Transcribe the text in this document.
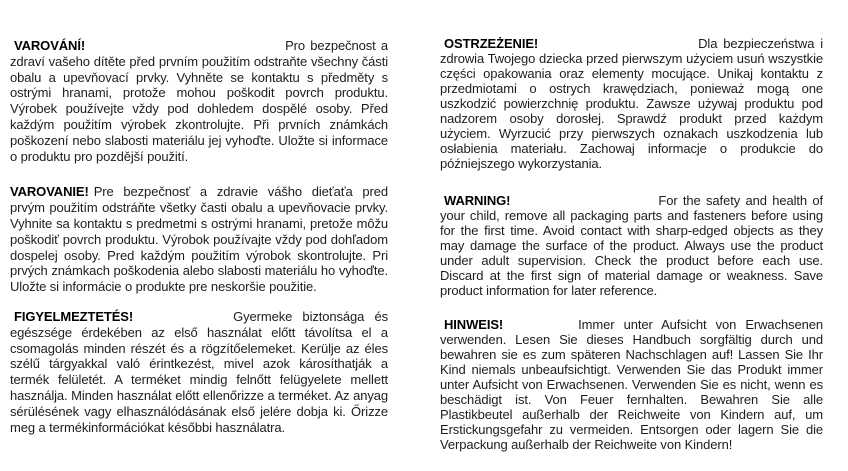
VAROVÁNÍ!	Pro bezpečnost a zdraví vašeho dítěte před prvním použitím odstraňte všechny části obalu a upevňovací prvky. Vyhněte se kontaktu s předměty s ostrými hranami, protože mohou poškodit povrch produktu. Výrobek používejte vždy pod dohledem dospělé osoby. Před každým použitím výrobek zkontrolujte. Při prvních známkách poškození nebo slabosti materiálu jej vyhoďte. Uložte si informace o produktu pro pozdější použití.

VAROVANIE! Pre bezpečnosť a zdravie vášho dieťaťa pred prvým použitím odstráňte všetky časti obalu a upevňovacie prvky. Vyhnite sa kontaktu s predmetmi s ostrými hranami, pretože môžu poškodiť povrch produktu. Výrobok používajte vždy pod dohľadom dospelej osoby. Pred každým použitím výrobok skontrolujte. Pri prvých známkach poškodenia alebo slabosti materiálu ho vyhoďte. Uložte si informácie o produkte pre neskoršie použitie.

FIGYELMEZTETÉS!	Gyermeke biztonsága és egészsége érdekében az első használat előtt távolítsa el a csomagolás minden részét és a rögzítőelemeket. Kerülje az éles szélű tárgyakkal való érintkezést, mivel azok károsíthatják a termék felületét. A terméket mindig felnőtt felügyelete mellett használja. Minden használat előtt ellenőrizze a terméket. Az anyag sérülésének vagy elhasználódásának első jelére dobja ki. Őrizze meg a termékinformációkat későbbi használatra.

OSTRZEŻENIE!	Dla bezpieczeństwa i zdrowia Twojego dziecka przed pierwszym użyciem usuń wszystkie części opakowania oraz elementy mocujące. Unikaj kontaktu z przedmiotami o ostrych krawędziach, ponieważ mogą one uszkodzić powierzchnię produktu. Zawsze używaj produktu pod nadzorem osoby dorosłej. Sprawdź produkt przed każdym użyciem. Wyrzucić przy pierwszych oznakach uszkodzenia lub osłabienia materiału. Zachowaj informacje o produkcie do późniejszego wykorzystania.

WARNING!	For the safety and health of your child, remove all packaging parts and fasteners before using for the first time. Avoid contact with sharp-edged objects as they may damage the surface of the product. Always use the product under adult supervision. Check the product before each use. Discard at the first sign of material damage or weakness. Save product information for later reference.

HINWEIS!	Immer unter Aufsicht von Erwachsenen verwenden. Lesen Sie dieses Handbuch sorgfältig durch und bewahren sie es zum späteren Nachschlagen auf! Lassen Sie Ihr Kind niemals unbeaufsichtigt. Verwenden Sie das Produkt immer unter Aufsicht von Erwachsenen. Verwenden Sie es nicht, wenn es beschädigt ist. Von Feuer fernhalten. Bewahren Sie alle Plastikbeutel außerhalb der Reichweite von Kindern auf, um Erstickungsgefahr zu vermeiden. Entsorgen oder lagern Sie die Verpackung außerhalb der Reichweite von Kindern!
